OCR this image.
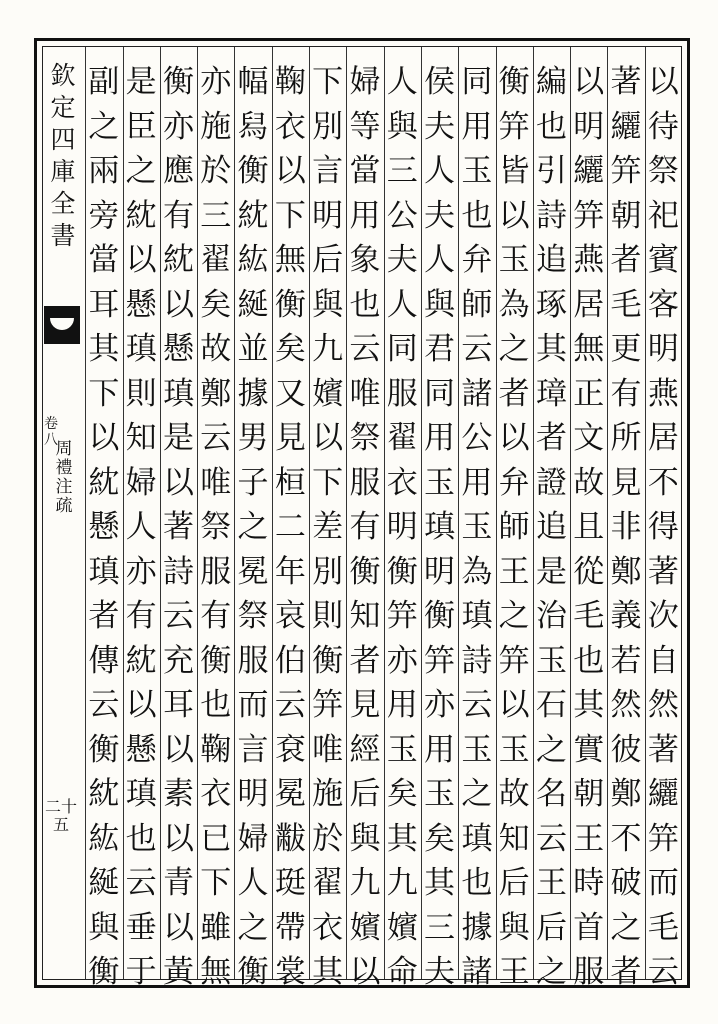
欽
定
四
庫
全
書
卷
八
周
禮
注
疏
二十五
以
待
祭
祀
賓
客
明
燕
居
不
得
著
次
自
然
著
纚
笄
而
毛
云
著
纚
笄
朝
者
毛
更
有
所
見
非
鄭
義
若
然
彼
鄭
不
破
之
者
以
明
纚
笄
燕
居
無
正
文
故
且
從
毛
也
其
實
朝
王
時
首
服
編
也
引
詩
追
琢
其
璋
者
證
追
是
治
玉
石
之
名
云
王
后
之
衡
笄
皆
以
玉
為
之
者
以
弁
師
王
之
笄
以
玉
故
知
后
與
王
同
用
玉
也
弁
師
云
諸
公
用
玉
為
瑱
詩
云
玉
之
瑱
也
據
諸
侯
夫
人
夫
人
與
君
同
用
玉
瑱
明
衡
笄
亦
用
玉
矣
其
三
夫
人
與
三
公
夫
人
同
服
翟
衣
明
衡
笄
亦
用
玉
矣
其
九
嬪
命
婦
等
當
用
象
也
云
唯
祭
服
有
衡
知
者
見
經
后
與
九
嬪
以
下
別
言
明
后
與
九
嬪
以
下
差
別
則
衡
笄
唯
施
於
翟
衣
其
鞠
衣
以
下
無
衡
矣
又
見
桓
二
年
哀
伯
云
袞
冕
黻
珽
帶
裳
幅
舄
衡
紞
紘
綖
並
據
男
子
之
冕
祭
服
而
言
明
婦
人
之
衡
亦
施
於
三
翟
矣
故
鄭
云
唯
祭
服
有
衡
也
鞠
衣
已
下
雖
無
衡
亦
應
有
紞
以
懸
瑱
是
以
著
詩
云
充
耳
以
素
以
青
以
黃
是
臣
之
紞
以
懸
瑱
則
知
婦
人
亦
有
紞
以
懸
瑱
也
云
垂
于
副
之
兩
旁
當
耳
其
下
以
紞
懸
瑱
者
傳
云
衡
紞
紘
綖
與
衡
